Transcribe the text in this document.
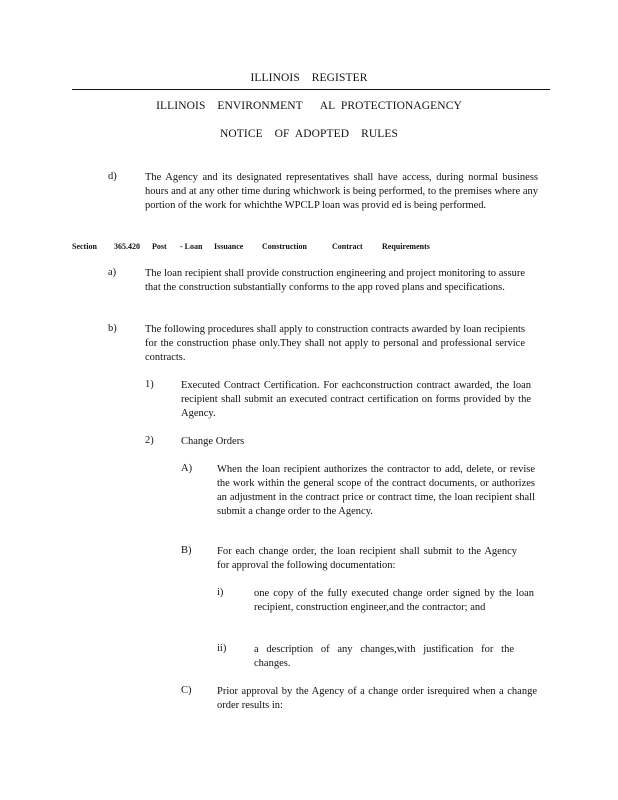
ILLINOIS    REGISTER
ILLINOIS    ENVIRONMENT      AL  PROTECTIONAGENCY
NOTICE    OF  ADOPTED    RULES
d)	The Agency and its designated representatives shall have access, during normal business hours and at any other time during whichwork is being performed, to the premises where any portion of the work for whichthe WPCLP loan was provid ed is being performed.

Section

365.420

Post

- Loan

Issuance

Construction

	Contract

Requirements

a)	The loan recipient shall provide construction engineering and project monitoring to assure that the construction substantially conforms to the app roved plans and specifications.
b)	The following procedures shall apply to construction contracts awarded by loan recipients for the construction phase only.They shall not apply to personal and professional service contracts.
1)	Executed Contract Certification. For eachconstruction contract awarded, the loan recipient shall submit an executed contract certification on forms provided by the Agency.
2)	Change Orders
A) When the loan recipient authorizes the contractor to add, delete, or revise the work within the general scope of the contract documents, or authorizes an adjustment in the contract price or contract time, the loan recipient shall submit a change order to the Agency.
B) For each change order, the loan recipient shall submit to the Agency for approval the following documentation:
i)	one copy of the fully executed change order signed by the loan recipient, construction engineer,and the contractor; and
ii)	a description of any changes,with justification for the changes.
C) Prior approval by the Agency of a change order isrequired when a change order results in:
